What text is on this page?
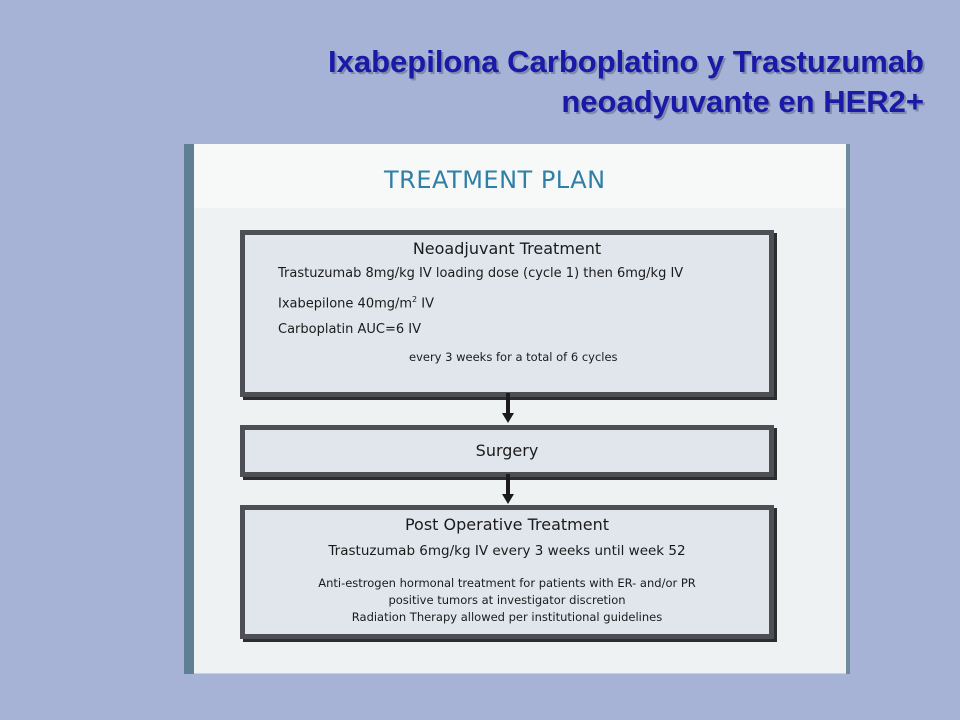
Ixabepilona Carboplatino y Trastuzumab
neoadyuvante en HER2+
TREATMENT PLAN
Neoadjuvant Treatment
Trastuzumab 8mg/kg IV loading dose (cycle 1) then 6mg/kg IV
Ixabepilone $40mg/m^2$ IV
Carboplatin AUC=6 IV
every 3 weeks for a total of 6 cycles
Surgery
Post Operative Treatment
Trastuzumab 6mg/kg IV every 3 weeks until week 52
Anti-estrogen hormonal treatment for patients with ER- and/or PR
positive tumors at investigator discretion
Radiation Therapy allowed per institutional guidelines
